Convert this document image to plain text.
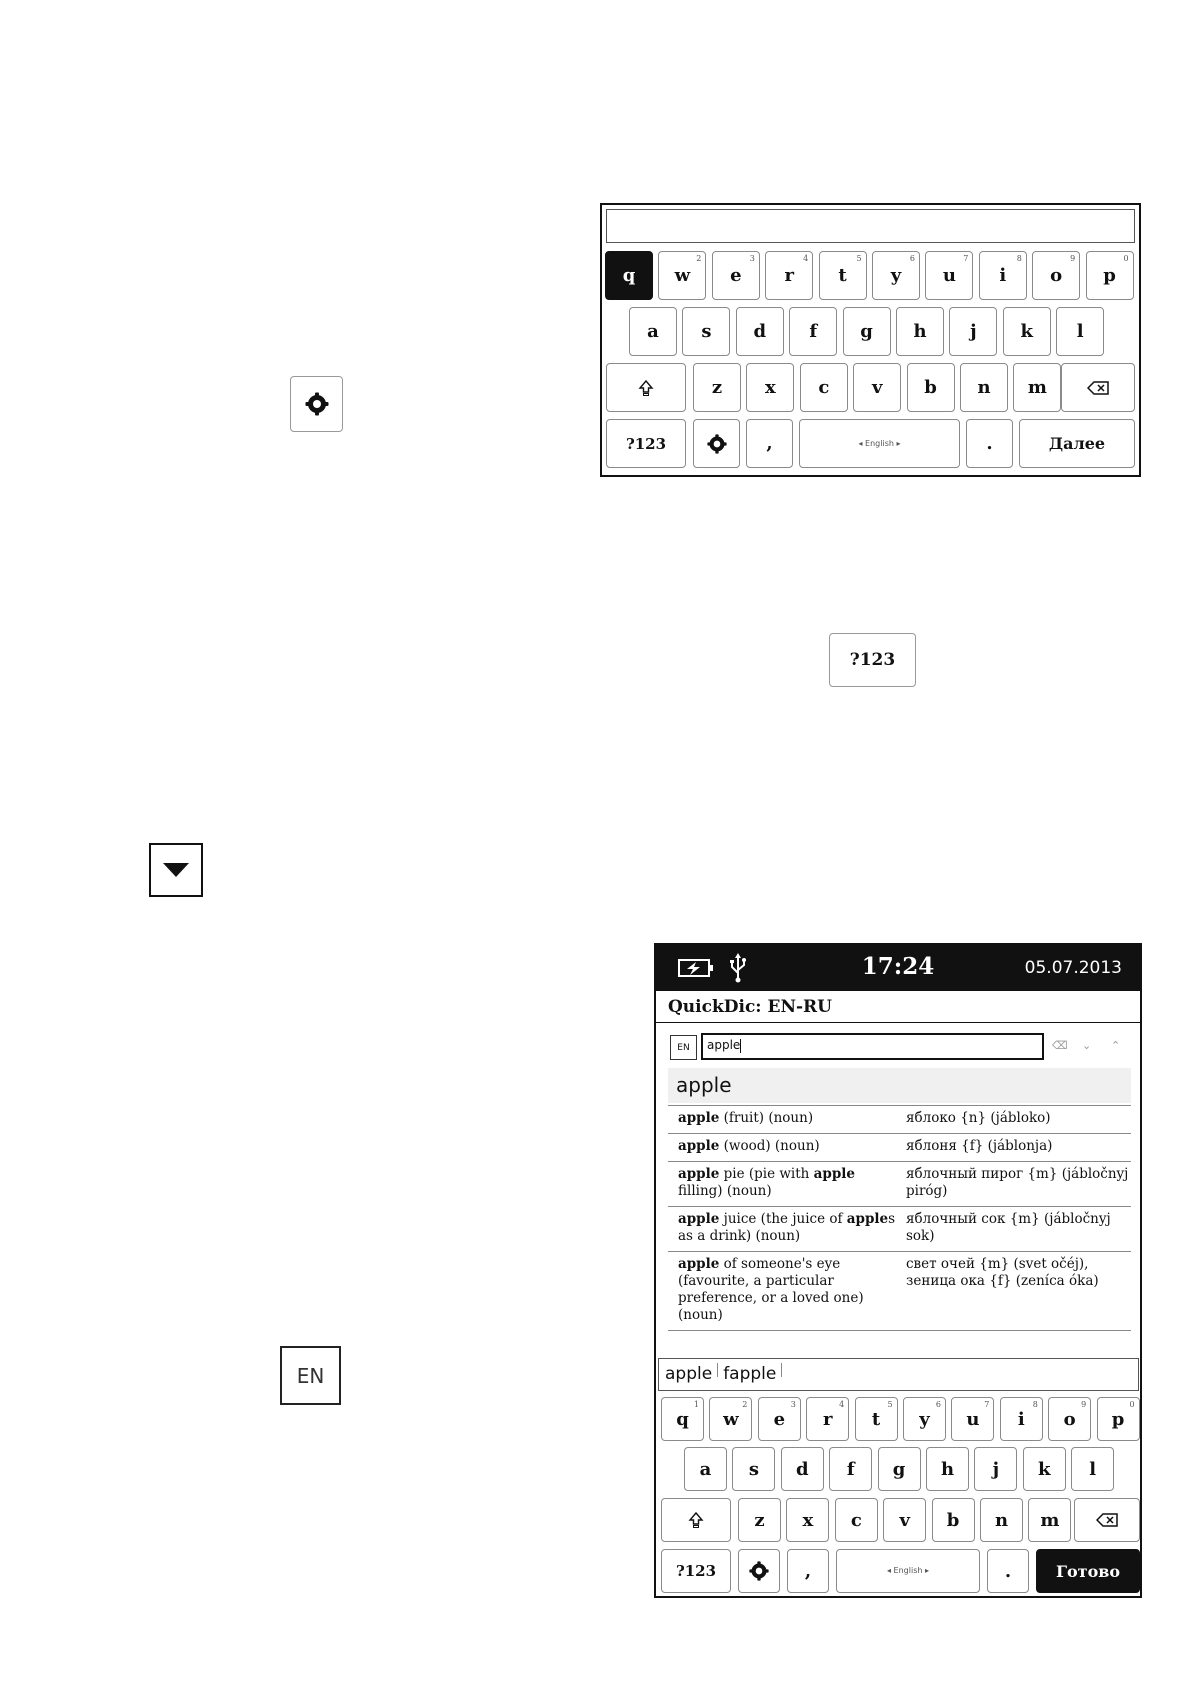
q w
2
e
3
r
4
t
5
y
6
u
7
i
8
o
9
p
0
a s d f g h j k l
z x c v b n m
?123	,	◂ English ▸	.	Далее
?123
EN
17:24	05.07.2013
QuickDic: EN-RU
EN	apple	⌫ ⌄ ⌃
apple
apple (fruit) (noun)	яблоко {n} (jábloko)
apple (wood) (noun)	яблоня {f} (jáblonja)
apple pie (pie with apple filling) (noun)
яблочный пирог {m} (jábločnyj piróg)
apple juice (the juice of apples as a drink) (noun)
яблочный сок {m} (jábločnyj sok)
apple of someone's eye (favourite, a particular preference, or a loved one) (noun)
свет очей {m} (svet očéj), зеница ока {f} (zeníca óka)
apple fapple
q
1
w
2
e
3
r
4
t
5
y
6
u
7
i
8
o
9
p
0
a s d f g h j k l
z x c v b n m
?123	,	◂ English ▸	.	Готово
